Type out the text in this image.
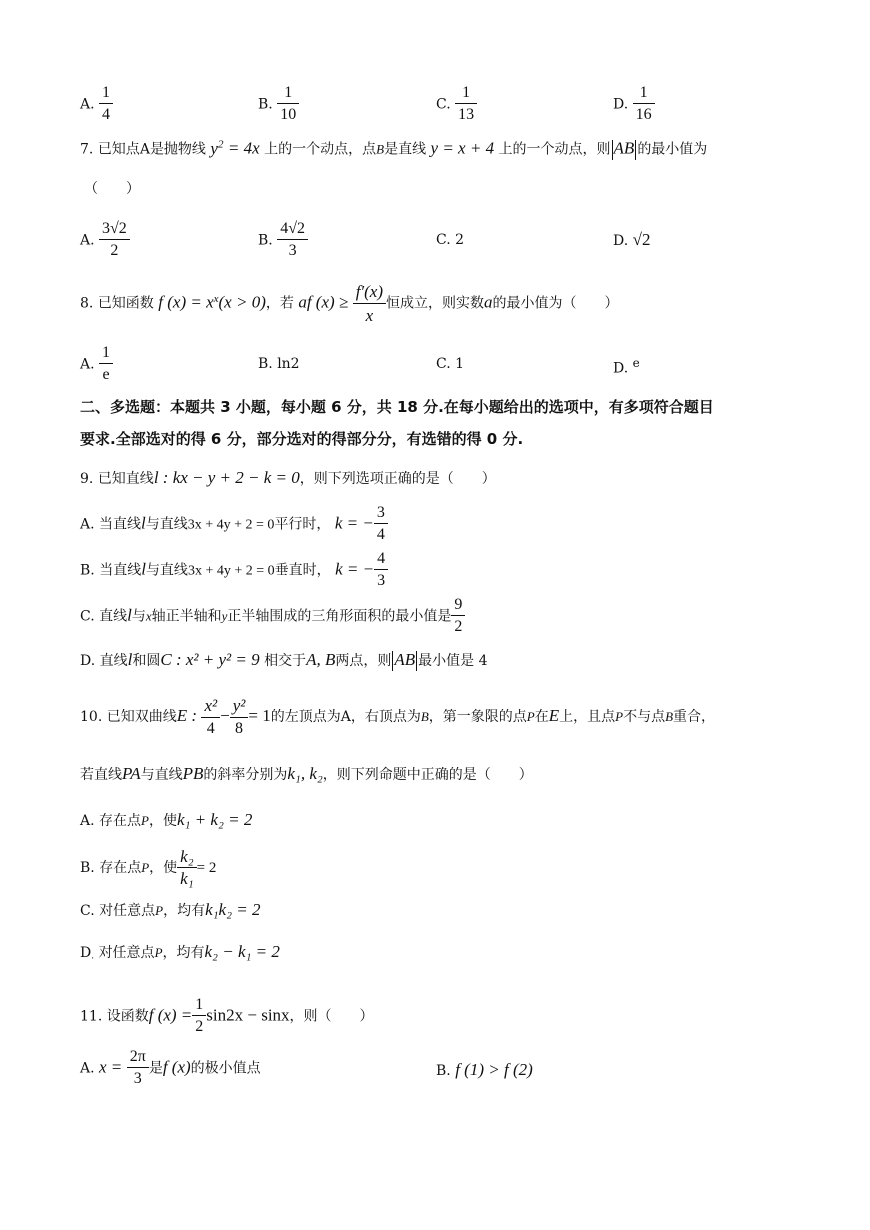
A. $\frac{1}{4}$	B. $\frac{1}{10}$	C. $\frac{1}{13}$	D. $\frac{1}{16}$
7. 已知点A是抛物线 $y^2 = 4x$ 上的一个动点，点B是直线 y = x + 4 上的一个动点，则 AB 的最小值为
（　　）
A. $\frac{3√2}{2}$	B. $\frac{4√2}{3}$	C. 2	D. √2
8. 已知函数 f $(x) = x^x(x > 0)$，若 af $(x) \ge \frac{f'(x)}{x}$ 恒成立，则实数a的最小值为（　　）
A. $\frac{1}{e}$	B. ln2	C. 1	D. e
二、多选题：本题共 3 小题，每小题 6 分，共 18 分.在每小题给出的选项中，有多项符合题目
要求.全部选对的得 6 分，部分选对的得部分分，有选错的得 0 分.
9. 已知直线l : kx − y + 2 − k = 0，则下列选项正确的是（　　）
A. 当直线l与直线3x + 4y + 2 = 0平行时， k = − $\frac{3}{4}$
B. 当直线l与直线3x + 4y + 2 = 0垂直时， k = − $\frac{4}{3}$
C. 直线l与x轴正半轴和y正半轴围成的三角形面积的最小值是 $\frac{9}{2}$
D. 直线l和圆C : x² + y² = 9 相交于A, B两点，则 AB 最小值是 4
10. 已知双曲线E : $\frac{\text{x²}}{4} - \frac{\text{y²}}{8} = 1$的左顶点为A，右顶点为B，第一象限的点P在E上，且点P不与点B重合，
若直线PA与直线PB的斜率分别为k₁, k₂，则下列命题中正确的是（　　）
A. 存在点P，使k₁ + k₂ = 2
B. 存在点P，使 $\frac{\text{k₂}}{\text{k₁}} = 2$
C. 对任意点P，均有k₁k₂ = 2
$D_\cdot$ 对任意点P，均有k₂ − k₁ = 2
11. 设函数f $(x) = \frac{1}{2} \sin 2x - \sin x$，则（　　）
A. $x = \frac{2\pi}{3}$ 是f (x)的极小值点	B. f (1) > f (2)
